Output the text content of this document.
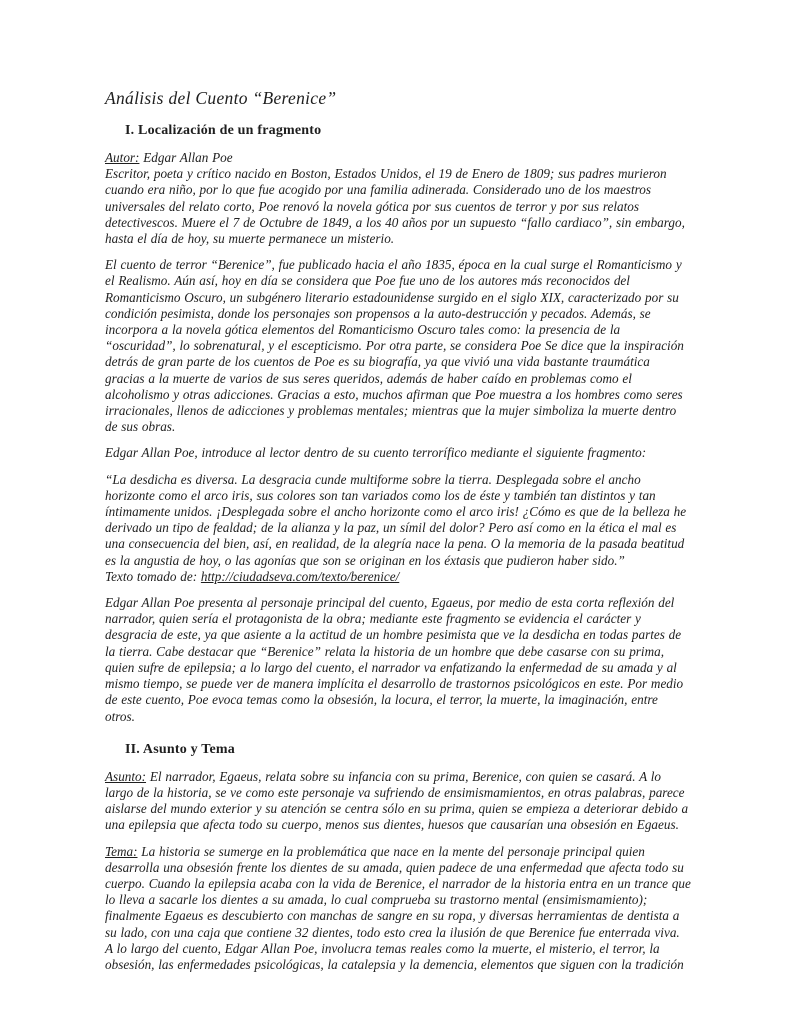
Análisis del Cuento “Berenice”
I. Localización de un fragmento

Autor: Edgar Allan Poe
Escritor, poeta y crítico nacido en Boston, Estados Unidos, el 19 de Enero de 1809; sus padres murieron cuando era niño, por lo que fue acogido por una familia adinerada. Considerado uno de los maestros universales del relato corto, Poe renovó la novela gótica por sus cuentos de terror y por sus relatos detectivescos. Muere el 7 de Octubre de 1849, a los 40 años por un supuesto “fallo cardiaco”, sin embargo, hasta el día de hoy, su muerte permanece un misterio.

El cuento de terror “Berenice”, fue publicado hacia el año 1835, época en la cual surge el Romanticismo y el Realismo. Aún así, hoy en día se considera que Poe fue uno de los autores más reconocidos del Romanticismo Oscuro, un subgénero literario estadounidense surgido en el siglo XIX, caracterizado por su condición pesimista, donde los personajes son propensos a la auto-destrucción y pecados. Además, se incorpora a la novela gótica elementos del Romanticismo Oscuro tales como: la presencia de la “oscuridad”, lo sobrenatural, y el escepticismo. Por otra parte, se considera Poe Se dice que la inspiración detrás de gran parte de los cuentos de Poe es su biografía, ya que vivió una vida bastante traumática gracias a la muerte de varios de sus seres queridos, además de haber caído en problemas como el alcoholismo y otras adicciones. Gracias a esto, muchos afirman que Poe muestra a los hombres como seres irracionales, llenos de adicciones y problemas mentales; mientras que la mujer simboliza la muerte dentro de sus obras.

Edgar Allan Poe, introduce al lector dentro de su cuento terrorífico mediante el siguiente fragmento:

“La desdicha es diversa. La desgracia cunde multiforme sobre la tierra. Desplegada sobre el ancho horizonte como el arco iris, sus colores son tan variados como los de éste y también tan distintos y tan íntimamente unidos. ¡Desplegada sobre el ancho horizonte como el arco iris! ¿Cómo es que de la belleza he derivado un tipo de fealdad; de la alianza y la paz, un símil del dolor? Pero así como en la ética el mal es una consecuencia del bien, así, en realidad, de la alegría nace la pena. O la memoria de la pasada beatitud es la angustia de hoy, o las agonías que son se originan en los éxtasis que pudieron haber sido.”
Texto tomado de: http://ciudadseva.com/texto/berenice/

Edgar Allan Poe presenta al personaje principal del cuento, Egaeus, por medio de esta corta reflexión del narrador, quien sería el protagonista de la obra; mediante este fragmento se evidencia el carácter y desgracia de este, ya que asiente a la actitud de un hombre pesimista que ve la desdicha en todas partes de la tierra. Cabe destacar que “Berenice” relata la historia de un hombre que debe casarse con su prima, quien sufre de epilepsia; a lo largo del cuento, el narrador va enfatizando la enfermedad de su amada y al mismo tiempo, se puede ver de manera implícita el desarrollo de trastornos psicológicos en este. Por medio de este cuento, Poe evoca temas como la obsesión, la locura, el terror, la muerte, la imaginación, entre otros.

II. Asunto y Tema

Asunto: El narrador, Egaeus, relata sobre su infancia con su prima, Berenice, con quien se casará. A lo largo de la historia, se ve como este personaje va sufriendo de ensimismamientos, en otras palabras, parece aislarse del mundo exterior y su atención se centra sólo en su prima, quien se empieza a deteriorar debido a una epilepsia que afecta todo su cuerpo, menos sus dientes, huesos que causarían una obsesión en Egaeus.

Tema: La historia se sumerge en la problemática que nace en la mente del personaje principal quien desarrolla una obsesión frente los dientes de su amada, quien padece de una enfermedad que afecta todo su cuerpo. Cuando la epilepsia acaba con la vida de Berenice, el narrador de la historia entra en un trance que lo lleva a sacarle los dientes a su amada, lo cual comprueba su trastorno mental (ensimismamiento); finalmente Egaeus es descubierto con manchas de sangre en su ropa, y diversas herramientas de dentista a su lado, con una caja que contiene 32 dientes, todo esto crea la ilusión de que Berenice fue enterrada viva. A lo largo del cuento, Edgar Allan Poe, involucra temas reales como la muerte, el misterio, el terror, la obsesión, las enfermedades psicológicas, la catalepsia y la demencia, elementos que siguen con la tradición
